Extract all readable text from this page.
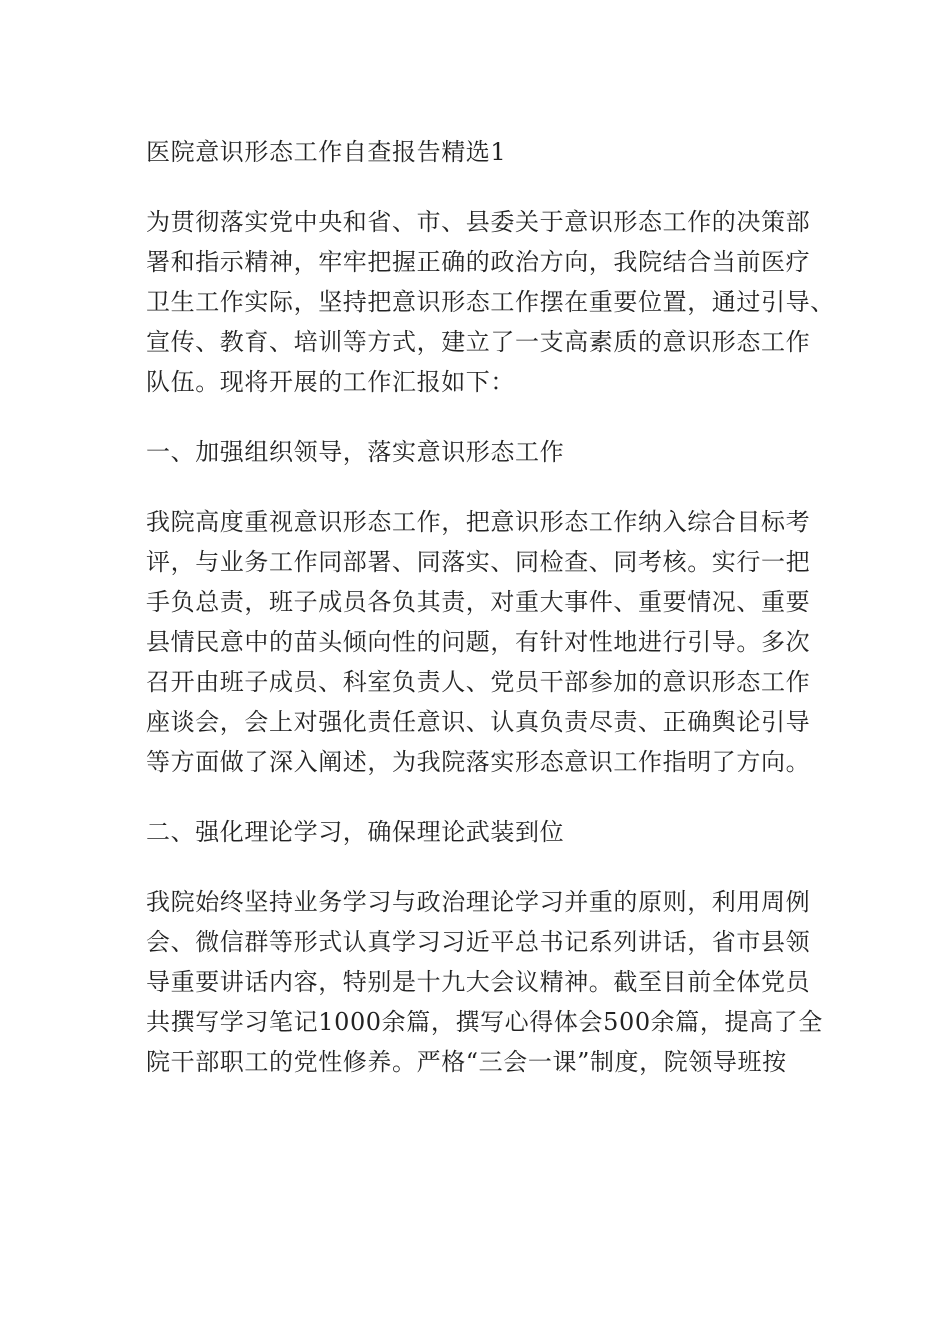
医院意识形态工作自查报告精选1
为贯彻落实党中央和省、市、县委关于意识形态工作的决策部
署和指示精神，牢牢把握正确的政治方向，我院结合当前医疗
卫生工作实际，坚持把意识形态工作摆在重要位置，通过引导、
宣传、教育、培训等方式，建立了一支高素质的意识形态工作
队伍。现将开展的工作汇报如下：
一、加强组织领导，落实意识形态工作
我院高度重视意识形态工作，把意识形态工作纳入综合目标考
评，与业务工作同部署、同落实、同检查、同考核。实行一把
手负总责，班子成员各负其责，对重大事件、重要情况、重要
县情民意中的苗头倾向性的问题，有针对性地进行引导。多次
召开由班子成员、科室负责人、党员干部参加的意识形态工作
座谈会，会上对强化责任意识、认真负责尽责、正确舆论引导
等方面做了深入阐述，为我院落实形态意识工作指明了方向。
二、强化理论学习，确保理论武装到位
我院始终坚持业务学习与政治理论学习并重的原则，利用周例
会、微信群等形式认真学习习近平总书记系列讲话，省市县领
导重要讲话内容，特别是十九大会议精神。截至目前全体党员
共撰写学习笔记1000余篇，撰写心得体会500余篇，提高了全
院干部职工的党性修养。严格“三会一课”制度，院领导班按
